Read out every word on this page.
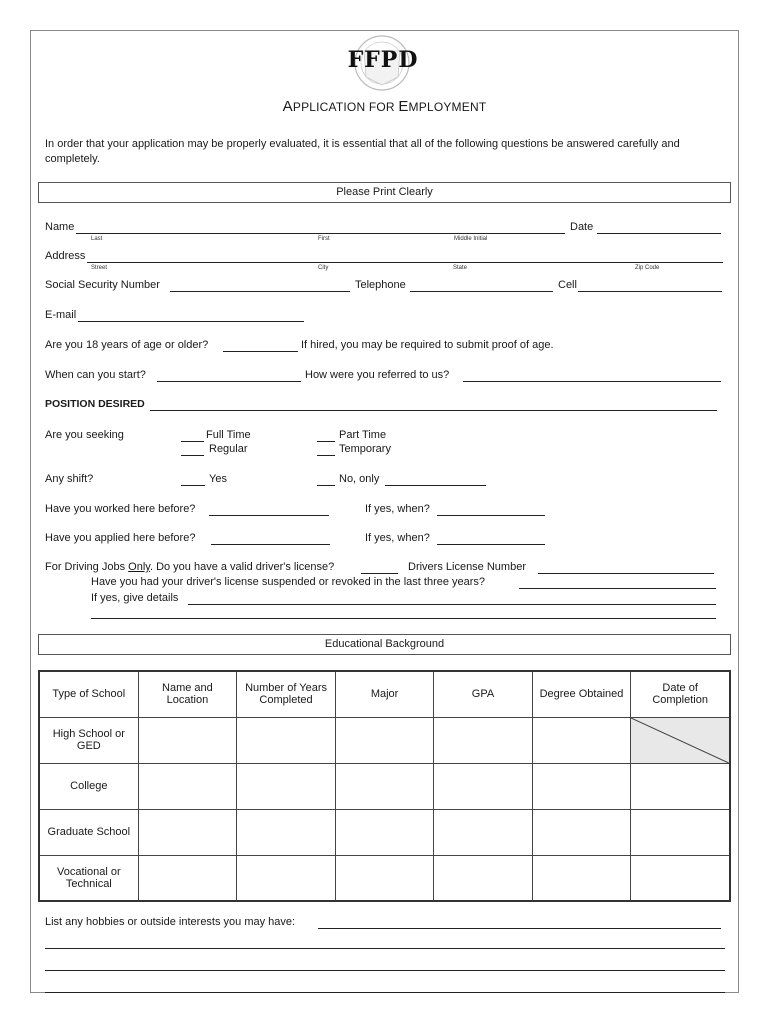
FFPD
APPLICATION FOR EMPLOYMENT
In order that your application may be properly evaluated, it is essential that all of the following questions be answered carefully and completely.
Please Print Clearly
Name	Date
Last	First	Middle Initial
Address
Street	City	State	Zip Code
Social Security Number	Telephone	Cell
E-mail
Are you 18 years of age or older?	If hired, you may be required to submit proof of age.
When can you start?	How were you referred to us?
POSITION DESIRED
Are you seeking	Full Time
Regular
Part Time
Temporary
Any shift?	Yes	No, only
Have you worked here before?	If yes, when?
Have you applied here before?	If yes, when?
For Driving Jobs Only. Do you have a valid driver's license?	Drivers License Number
Have you had your driver's license suspended or revoked in the last three years?
If yes, give details
Educational Background
Type of School	Name and Location	Number of Years Completed	Major	GPA	Degree Obtained	Date of Completion
High School or GED						

College						
Graduate School						
Vocational or Technical						
List any hobbies or outside interests you may have:
